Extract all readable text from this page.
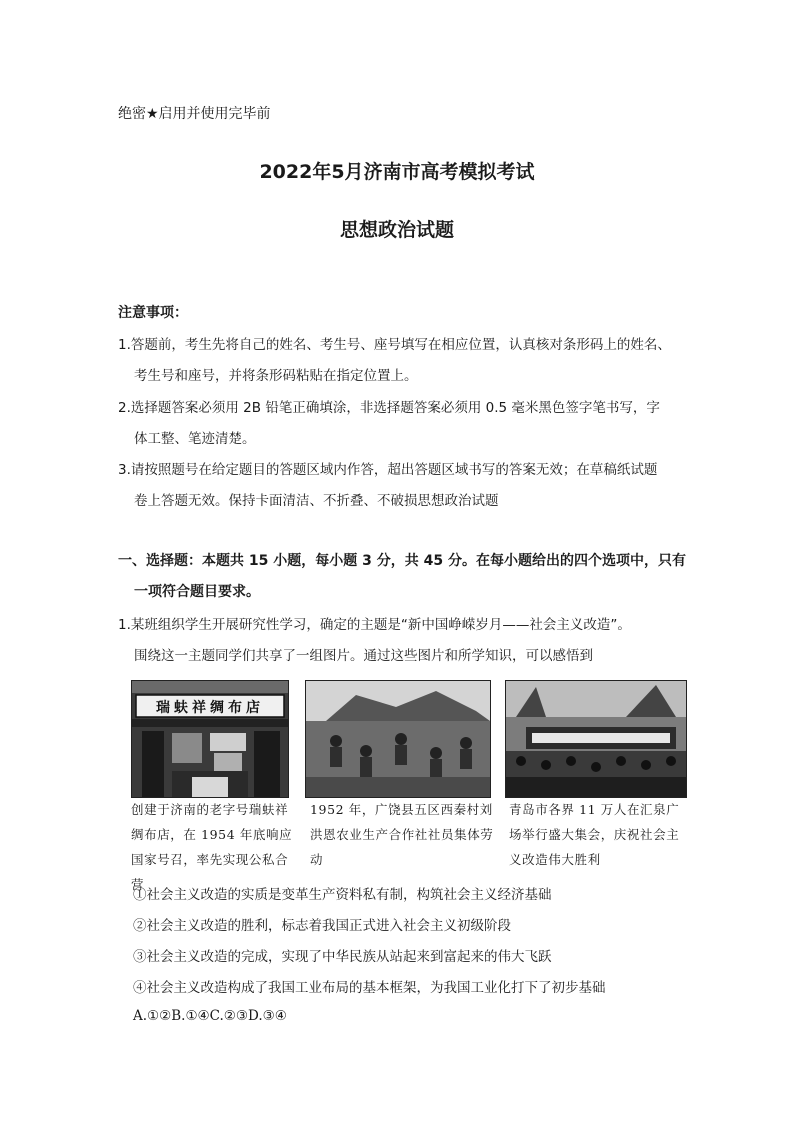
绝密★启用并使用完毕前
2022年5月济南市高考模拟考试
思想政治试题
注意事项：
1.答题前，考生先将自己的姓名、考生号、座号填写在相应位置，认真核对条形码上的姓名、
考生号和座号，并将条形码粘贴在指定位置上。
2.选择题答案必须用 2B 铅笔正确填涂，非选择题答案必须用 0.5 毫米黑色签字笔书写，字
体工整、笔迹清楚。
3.请按照题号在给定题目的答题区域内作答，超出答题区域书写的答案无效；在草稿纸试题
卷上答题无效。保持卡面清洁、不折叠、不破损思想政治试题
一、选择题：本题共 15 小题，每小题 3 分，共 45 分。在每小题给出的四个选项中，只有
一项符合题目要求。
1.某班组织学生开展研究性学习，确定的主题是“新中国峥嵘岁月——社会主义改造”。
围绕这一主题同学们共享了一组图片。通过这些图片和所学知识，可以感悟到
瑞蚨祥绸布店
创建于济南的老字号瑞蚨祥绸布店，在 1954 年底响应国家号召，率先实现公私合营
1952 年，广饶县五区西秦村刘洪恩农业生产合作社社员集体劳动
青岛市各界 11 万人在汇泉广场举行盛大集会，庆祝社会主义改造伟大胜利
①社会主义改造的实质是变革生产资料私有制，构筑社会主义经济基础
②社会主义改造的胜利，标志着我国正式进入社会主义初级阶段
③社会主义改造的完成，实现了中华民族从站起来到富起来的伟大飞跃
④社会主义改造构成了我国工业布局的基本框架，为我国工业化打下了初步基础
A.①②B.①④C.②③D.③④
